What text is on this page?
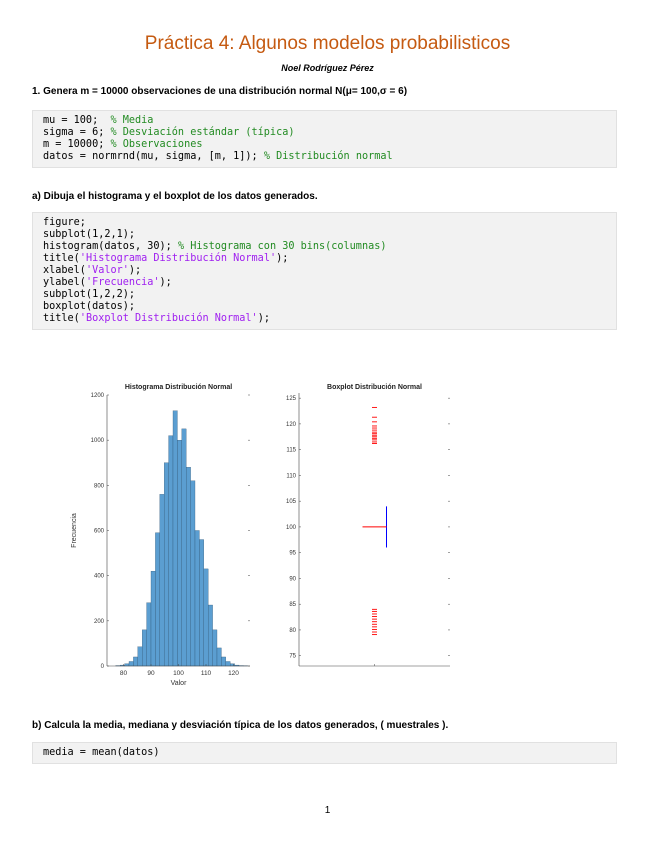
Práctica 4: Algunos modelos probabilisticos
Noel Rodríguez Pérez
1. Genera m = 10000 observaciones de una distribución normal N(μ= 100,σ = 6)
mu = 100;  % Media
sigma = 6; % Desviación estándar (típica)
m = 10000; % Observaciones
datos = normrnd(mu, sigma, [m, 1]); % Distribución normal
a) Dibuja el histograma y el boxplot de los datos generados.
figure;
subplot(1,2,1);
histogram(datos, 30); % Histograma con 30 bins(columnas)
title('Histograma Distribución Normal');
xlabel('Valor');
ylabel('Frecuencia');
subplot(1,2,2);
boxplot(datos);
title('Boxplot Distribución Normal');
0
200
400
600
800
1000
1200
80	90	100	110	120
Histograma Distribución Normal
Valor
Frecuencia
75
80
85
90
95
100
105
110
115
120
125
Boxplot Distribución Normal
b) Calcula la media, mediana y desviación típica de los datos generados, ( muestrales ).
media = mean(datos)
1
